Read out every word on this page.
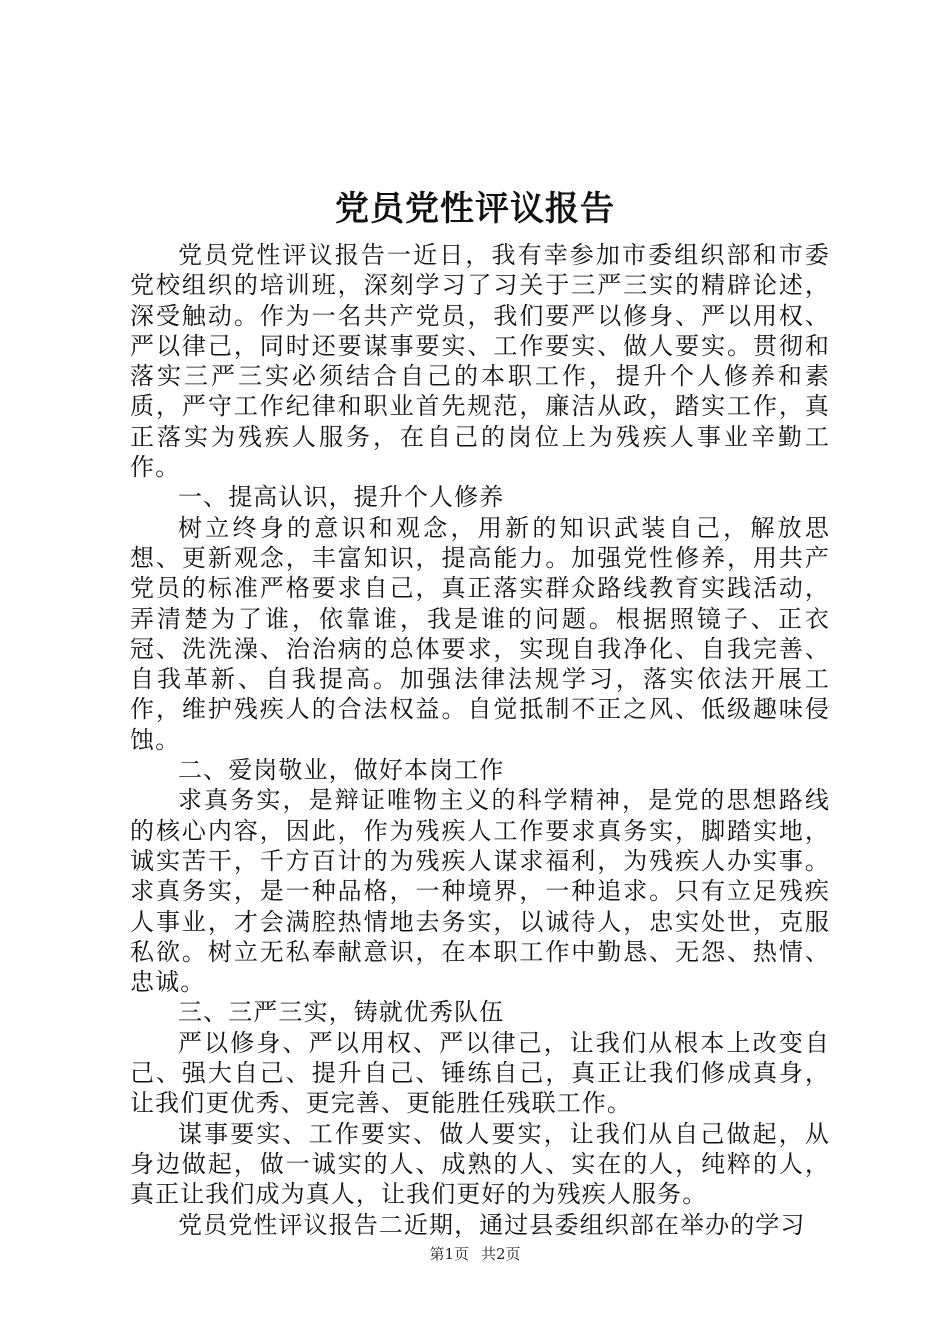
党员党性评议报告

党员党性评议报告一近日，我有幸参加市委组织部和市委党校组织的培训班，深刻学习了习关于三严三实的精辟论述，深受触动。作为一名共产党员，我们要严以修身、严以用权、严以律己，同时还要谋事要实、工作要实、做人要实。贯彻和落实三严三实必须结合自己的本职工作，提升个人修养和素质，严守工作纪律和职业首先规范，廉洁从政，踏实工作，真正落实为残疾人服务，在自己的岗位上为残疾人事业辛勤工作。

一、提高认识，提升个人修养

树立终身的意识和观念，用新的知识武装自己，解放思想、更新观念，丰富知识，提高能力。加强党性修养，用共产党员的标准严格要求自己，真正落实群众路线教育实践活动，弄清楚为了谁，依靠谁，我是谁的问题。根据照镜子、正衣冠、洗洗澡、治治病的总体要求，实现自我净化、自我完善、自我革新、自我提高。加强法律法规学习，落实依法开展工作，维护残疾人的合法权益。自觉抵制不正之风、低级趣味侵蚀。

二、爱岗敬业，做好本岗工作

求真务实，是辩证唯物主义的科学精神，是党的思想路线的核心内容，因此，作为残疾人工作要求真务实，脚踏实地，诚实苦干，千方百计的为残疾人谋求福利，为残疾人办实事。求真务实，是一种品格，一种境界，一种追求。只有立足残疾人事业，才会满腔热情地去务实，以诚待人，忠实处世，克服私欲。树立无私奉献意识，在本职工作中勤恳、无怨、热情、忠诚。

三、三严三实，铸就优秀队伍

严以修身、严以用权、严以律己，让我们从根本上改变自己、强大自己、提升自己、锤练自己，真正让我们修成真身，让我们更优秀、更完善、更能胜任残联工作。

谋事要实、工作要实、做人要实，让我们从自己做起，从身边做起，做一诚实的人、成熟的人、实在的人，纯粹的人，真正让我们成为真人，让我们更好的为残疾人服务。

党员党性评议报告二近期，通过县委组织部在举办的学习

第1页 共2页
